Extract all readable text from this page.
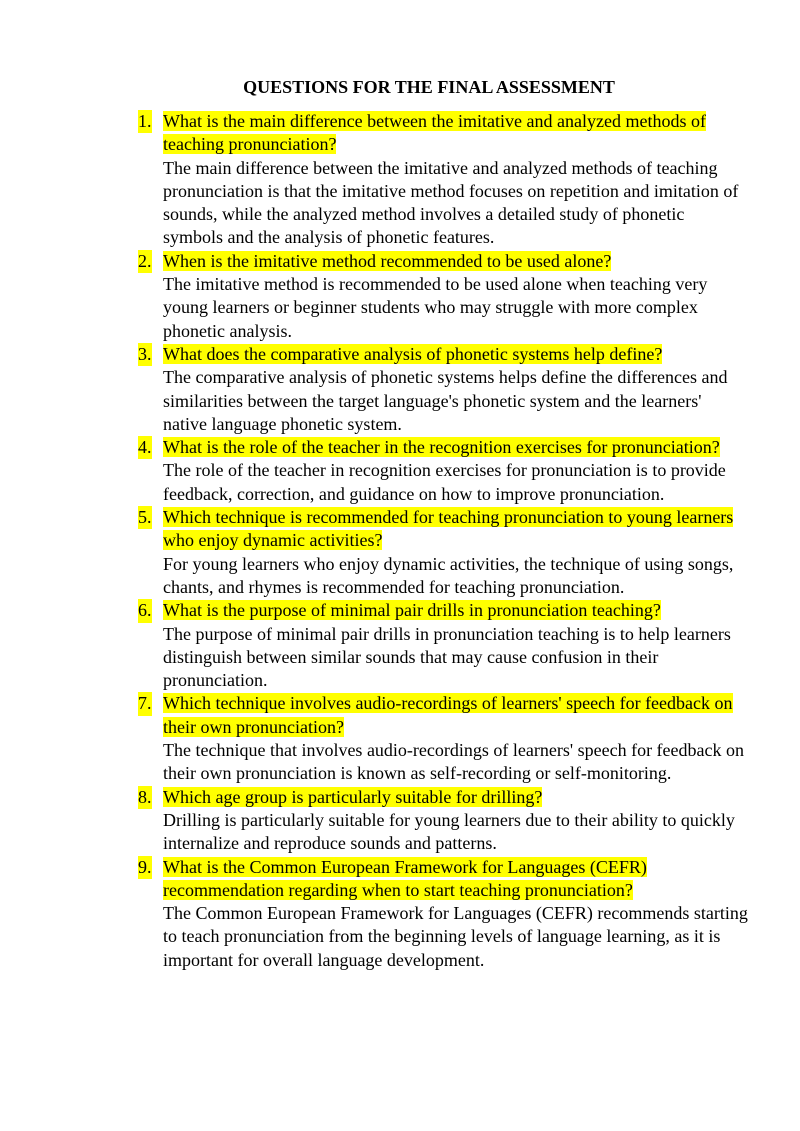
QUESTIONS FOR THE FINAL ASSESSMENT
1. What is the main difference between the imitative and analyzed methods of teaching pronunciation?
The main difference between the imitative and analyzed methods of teaching pronunciation is that the imitative method focuses on repetition and imitation of sounds, while the analyzed method involves a detailed study of phonetic symbols and the analysis of phonetic features.
2. When is the imitative method recommended to be used alone?
The imitative method is recommended to be used alone when teaching very young learners or beginner students who may struggle with more complex phonetic analysis.
3. What does the comparative analysis of phonetic systems help define?
The comparative analysis of phonetic systems helps define the differences and similarities between the target language's phonetic system and the learners' native language phonetic system.
4. What is the role of the teacher in the recognition exercises for pronunciation?
The role of the teacher in recognition exercises for pronunciation is to provide feedback, correction, and guidance on how to improve pronunciation.
5. Which technique is recommended for teaching pronunciation to young learners who enjoy dynamic activities?
For young learners who enjoy dynamic activities, the technique of using songs, chants, and rhymes is recommended for teaching pronunciation.
6. What is the purpose of minimal pair drills in pronunciation teaching?
The purpose of minimal pair drills in pronunciation teaching is to help learners distinguish between similar sounds that may cause confusion in their pronunciation.
7. Which technique involves audio-recordings of learners' speech for feedback on their own pronunciation?
The technique that involves audio-recordings of learners' speech for feedback on their own pronunciation is known as self-recording or self-monitoring.
8. Which age group is particularly suitable for drilling?
Drilling is particularly suitable for young learners due to their ability to quickly internalize and reproduce sounds and patterns.
9. What is the Common European Framework for Languages (CEFR) recommendation regarding when to start teaching pronunciation?
The Common European Framework for Languages (CEFR) recommends starting to teach pronunciation from the beginning levels of language learning, as it is important for overall language development.
